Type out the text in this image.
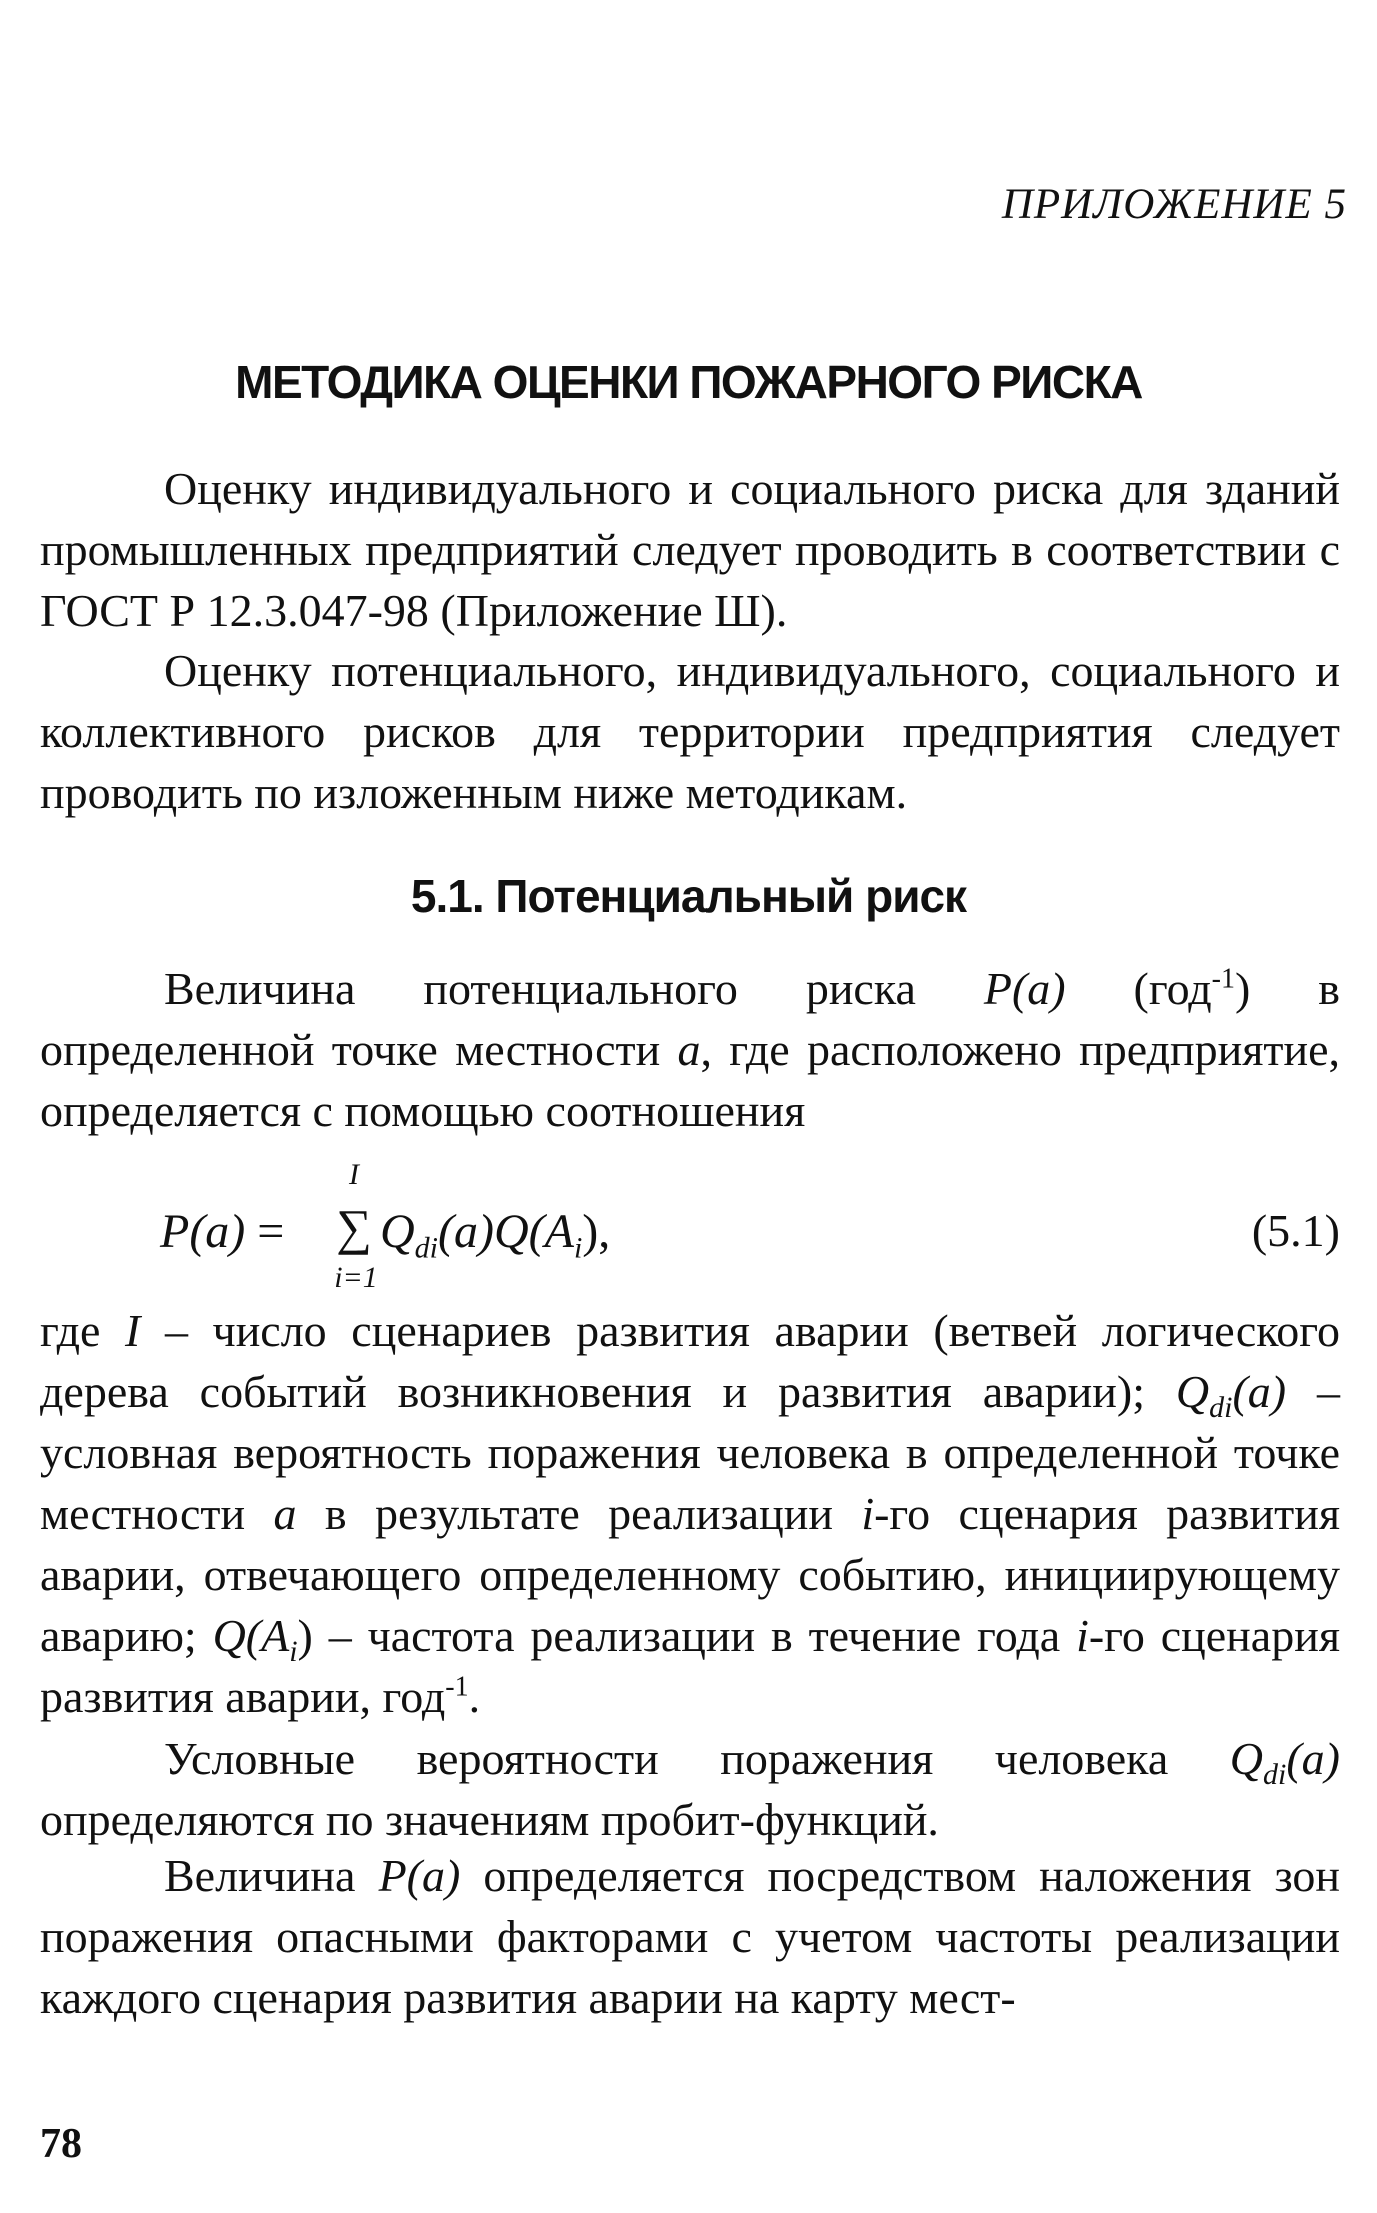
ПРИЛОЖЕНИЕ 5
МЕТОДИКА ОЦЕНКИ ПОЖАРНОГО РИСКА

Оценку индивидуального и социального риска для зданий промышленных предприятий следует проводить в соответствии с ГОСТ Р 12.3.047-98 (Приложение Ш).

Оценку потенциального, индивидуального, социального и коллективного рисков для территории предприятия следует проводить по изложенным ниже методикам.

5.1. Потенциальный риск

Величина потенциального риска P(a) (год$^{-1}$) в определенной точке местности a, где расположено предприятие, определяется с помощью соотношения

P(a) =
I
∑
i=1
$Q_{di}(a)Q(A_i)$,	(5.1)

где I – число сценариев развития аварии (ветвей логического дерева событий возникновения и развития аварии); $Q_{di}(a)$ – условная вероятность поражения человека в определенной точке местности a в результате реализации i-го сценария развития аварии, отвечающего определенному событию, инициирующему аварию; $Q(A_i)$ – частота реализации в течение года i-го сценария развития аварии, год$^{-1}$.

Условные вероятности поражения человека $Q_{di}(a)$ определяются по значениям пробит-функций.

Величина P(a) определяется посредством наложения зон поражения опасными факторами с учетом частоты реализации каждого сценария развития аварии на карту мест-

78
